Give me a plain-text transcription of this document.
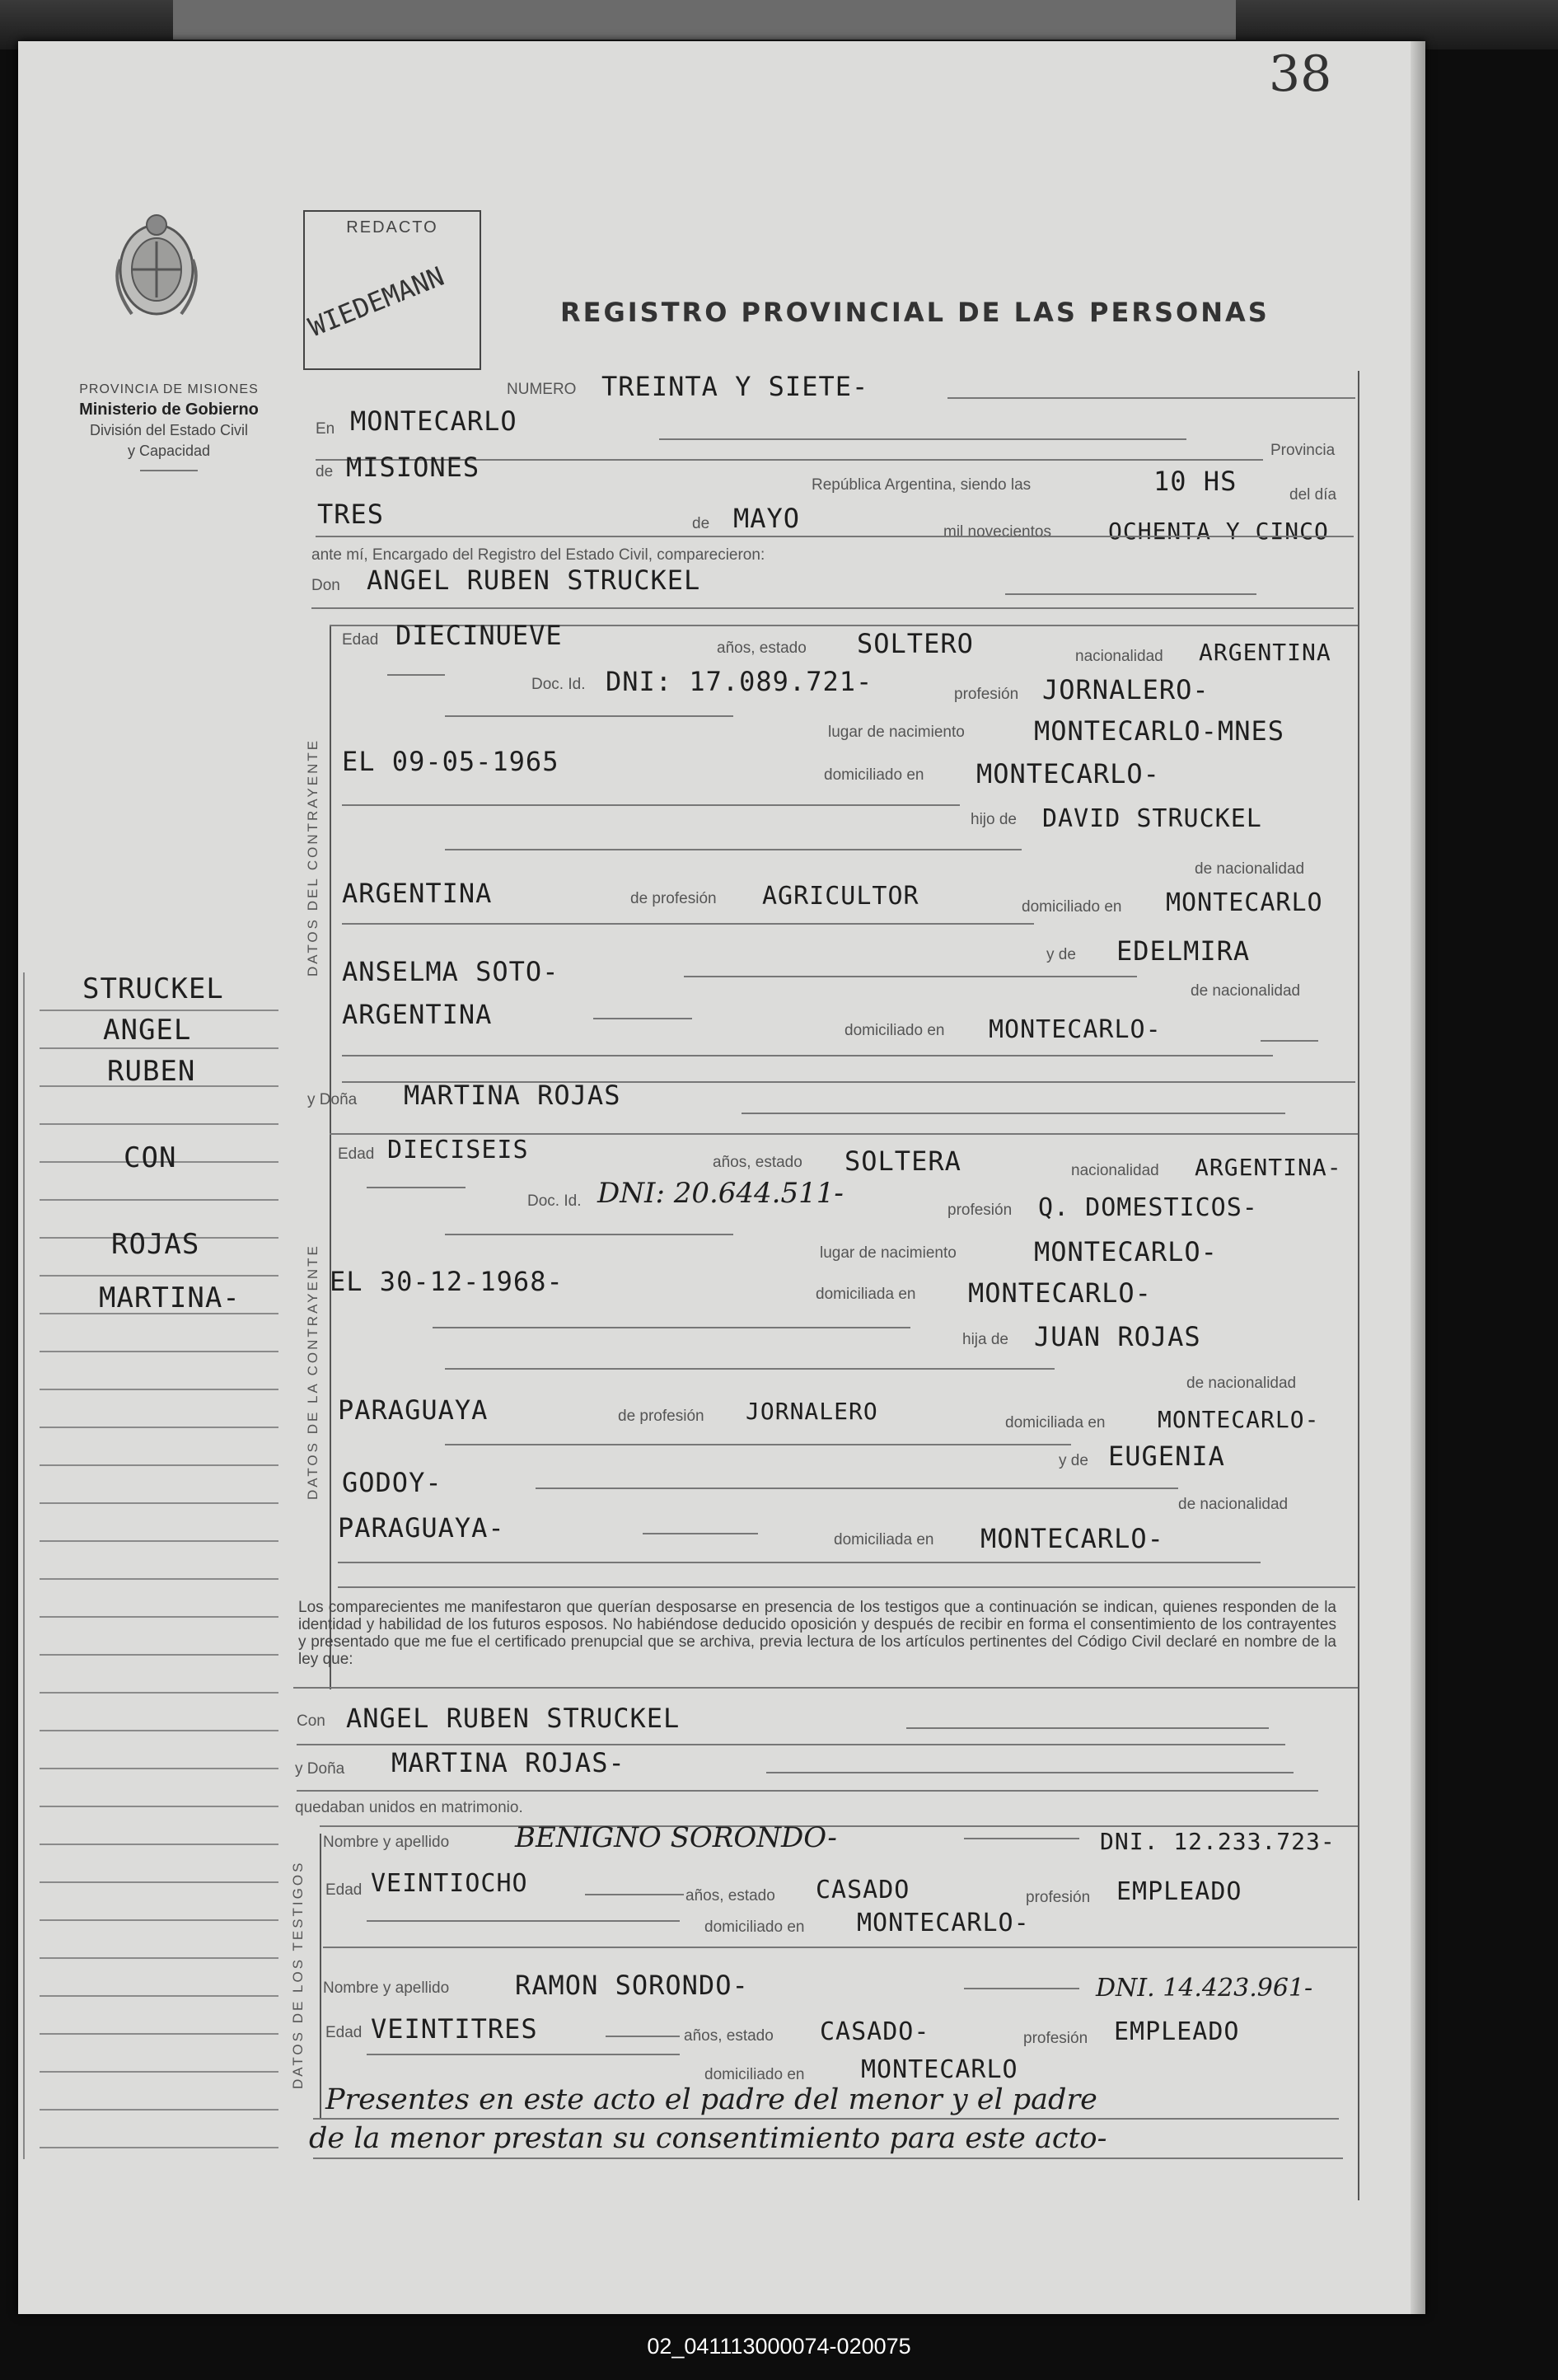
38
PROVINCIA DE MISIONES
Ministerio de Gobierno
División del Estado Civil
y Capacidad
REDACTO
WIEDEMANN	REGISTRO PROVINCIAL DE LAS PERSONAS
STRUCKEL
ANGEL
RUBEN
CON
ROJAS
MARTINA-
NUMERO TREINTA Y SIETE-
En MONTECARLO
Provincia
de MISIONES
República Argentina, siendo las	10 HS	del día
TRES	de MAYO	mil novecientos OCHENTA Y CINCO
ante mí, Encargado del Registro del Estado Civil, comparecieron:
Don ANGEL RUBEN STRUCKEL
DATOS DEL CONTRAYENTE
Edad DIECINUEVE	años, estado SOLTERO	nacionalidad ARGENTINA
Doc. Id. DNI: 17.089.721-	profesión JORNALERO-
lugar de nacimiento	MONTECARLO-MNES
EL 09-05-1965	domiciliado en MONTECARLO-
hijo de DAVID STRUCKEL
de nacionalidad
ARGENTINA	de profesión AGRICULTOR	domiciliado en MONTECARLO
y de EDELMIRA
ANSELMA SOTO-
de nacionalidad
ARGENTINA
domiciliado en MONTECARLO-
y Doña MARTINA ROJAS
DATOS DE LA CONTRAYENTE
Edad DIECISEIS	años, estado SOLTERA	nacionalidad ARGENTINA-
Doc. Id. DNI: 20.644.511-
profesión Q. DOMESTICOS-
lugar de nacimiento	MONTECARLO-
EL 30-12-1968-	domiciliada en MONTECARLO-
hija de JUAN ROJAS
de nacionalidad
PARAGUAYA	de profesión JORNALERO	domiciliada en MONTECARLO-
y de EUGENIA
GODOY-
de nacionalidad
PARAGUAYA-	domiciliada en MONTECARLO-
Los comparecientes me manifestaron que querían desposarse en presencia de los testigos que a continuación se indican, quienes responden de la identidad y habilidad de los futuros esposos. No habiéndose deducido oposición y después de recibir en forma el consentimiento de los contrayentes y presentado que me fue el certificado prenupcial que se archiva, previa lectura de los artículos pertinentes del Código Civil declaré en nombre de la ley que:
Con ANGEL RUBEN STRUCKEL
y Doña MARTINA ROJAS-
quedaban unidos en matrimonio.
DATOS DE LOS TESTIGOS
Nombre y apellido BENIGNO SORONDO-	DNI. 12.233.723-
Edad VEINTIOCHO	años, estado CASADO	profesión EMPLEADO
domiciliado en MONTECARLO-
Nombre y apellido RAMON SORONDO-	DNI. 14.423.961-
Edad VEINTITRES	años, estado CASADO-	profesión EMPLEADO
domiciliado en MONTECARLO
Presentes en este acto el padre del menor y el padre
de la menor prestan su consentimiento para este acto-
02_041113000074-020075
